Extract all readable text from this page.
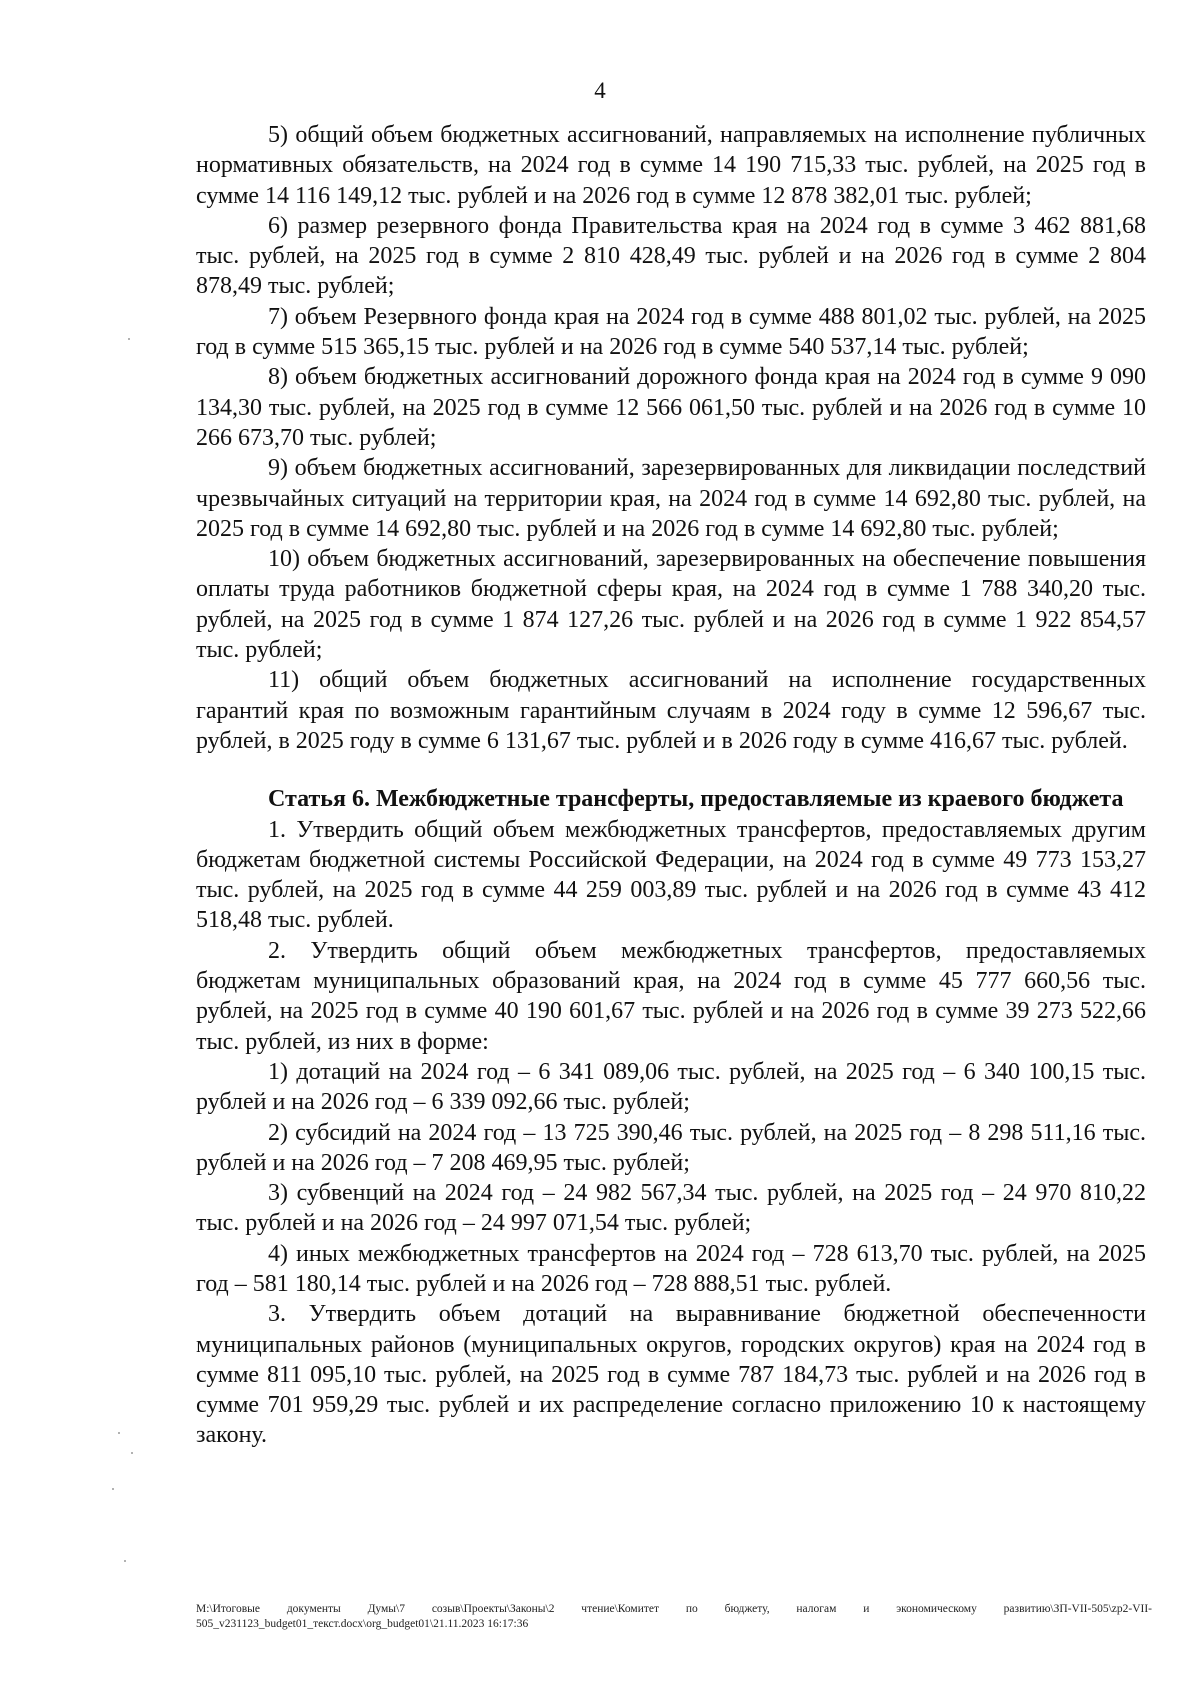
4

5) общий объем бюджетных ассигнований, направляемых на исполнение публичных нормативных обязательств, на 2024 год в сумме 14 190 715,33 тыс. рублей, на 2025 год в сумме 14 116 149,12 тыс. рублей и на 2026 год в сумме 12 878 382,01 тыс. рублей;

6) размер резервного фонда Правительства края на 2024 год в сумме 3 462 881,68 тыс. рублей, на 2025 год в сумме 2 810 428,49 тыс. рублей и на 2026 год в сумме 2 804 878,49 тыс. рублей;

7) объем Резервного фонда края на 2024 год в сумме 488 801,02 тыс. рублей, на 2025 год в сумме 515 365,15 тыс. рублей и на 2026 год в сумме 540 537,14 тыс. рублей;

8) объем бюджетных ассигнований дорожного фонда края на 2024 год в сумме 9 090 134,30 тыс. рублей, на 2025 год в сумме 12 566 061,50 тыс. рублей и на 2026 год в сумме 10 266 673,70 тыс. рублей;

9) объем бюджетных ассигнований, зарезервированных для ликвидации последствий чрезвычайных ситуаций на территории края, на 2024 год в сумме 14 692,80 тыс. рублей, на 2025 год в сумме 14 692,80 тыс. рублей и на 2026 год в сумме 14 692,80 тыс. рублей;

10) объем бюджетных ассигнований, зарезервированных на обеспечение повышения оплаты труда работников бюджетной сферы края, на 2024 год в сумме 1 788 340,20 тыс. рублей, на 2025 год в сумме 1 874 127,26 тыс. рублей и на 2026 год в сумме 1 922 854,57 тыс. рублей;

11) общий объем бюджетных ассигнований на исполнение государственных гарантий края по возможным гарантийным случаям в 2024 году в сумме 12 596,67 тыс. рублей, в 2025 году в сумме 6 131,67 тыс. рублей и в 2026 году в сумме 416,67 тыс. рублей.

Статья 6. Межбюджетные трансферты, предоставляемые из краевого бюджета

1. Утвердить общий объем межбюджетных трансфертов, предоставляемых другим бюджетам бюджетной системы Российской Федерации, на 2024 год в сумме 49 773 153,27 тыс. рублей, на 2025 год в сумме 44 259 003,89 тыс. рублей и на 2026 год в сумме 43 412 518,48 тыс. рублей.

2. Утвердить общий объем межбюджетных трансфертов, предоставляемых бюджетам муниципальных образований края, на 2024 год в сумме 45 777 660,56 тыс. рублей, на 2025 год в сумме 40 190 601,67 тыс. рублей и на 2026 год в сумме 39 273 522,66 тыс. рублей, из них в форме:

1) дотаций на 2024 год – 6 341 089,06 тыс. рублей, на 2025 год – 6 340 100,15 тыс. рублей и на 2026 год – 6 339 092,66 тыс. рублей;

2) субсидий на 2024 год – 13 725 390,46 тыс. рублей, на 2025 год – 8 298 511,16 тыс. рублей и на 2026 год – 7 208 469,95 тыс. рублей;

3) субвенций на 2024 год – 24 982 567,34 тыс. рублей, на 2025 год – 24 970 810,22 тыс. рублей и на 2026 год – 24 997 071,54 тыс. рублей;

4) иных межбюджетных трансфертов на 2024 год – 728 613,70 тыс. рублей, на 2025 год – 581 180,14 тыс. рублей и на 2026 год – 728 888,51 тыс. рублей.

3. Утвердить объем дотаций на выравнивание бюджетной обеспеченности муниципальных районов (муниципальных округов, городских округов) края на 2024 год в сумме 811 095,10 тыс. рублей, на 2025 год в сумме 787 184,73 тыс. рублей и на 2026 год в сумме 701 959,29 тыс. рублей и их распределение согласно приложению 10 к настоящему закону.

M:\Итоговые документы Думы\7 созыв\Проекты\Законы\2 чтение\Комитет по бюджету, налогам и экономическому развитию\ЗП-VII-505\zp2-VII-505_v231123_budget01_текст.docx\org_budget01\21.11.2023 16:17:36
